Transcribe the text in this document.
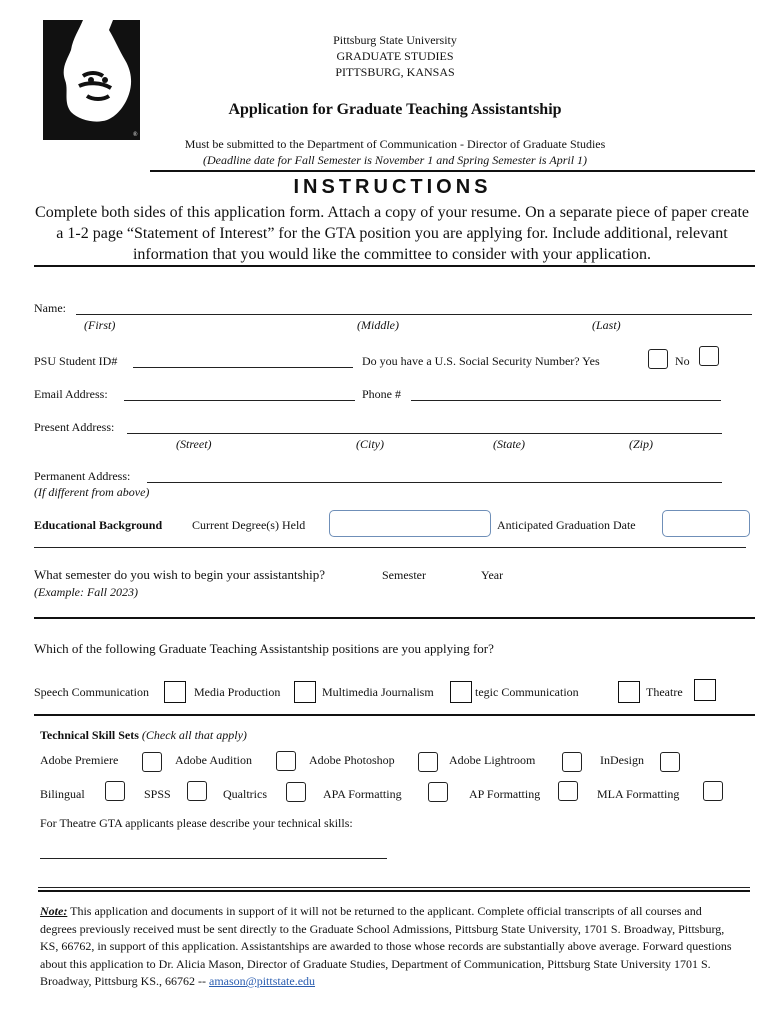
®
Pittsburg State University
GRADUATE STUDIES
PITTSBURG, KANSAS
Application for Graduate Teaching Assistantship
Must be submitted to the Department of Communication - Director of Graduate Studies
(Deadline date for Fall Semester is November 1 and Spring Semester is April 1)
INSTRUCTIONS
Complete both sides of this application form. Attach a copy of your resume. On a separate piece of paper create a 1-2 page “Statement of Interest” for the GTA position you are applying for. Include additional, relevant information that you would like the committee to consider with your application.
Name:
(First)	(Middle)	(Last)
PSU Student ID#	Do you have a U.S. Social Security Number? Yes	No
Email Address:	Phone #
Present Address:
(Street)	(City)	(State)	(Zip)
Permanent Address:
(If different from above)
Educational Background Current Degree(s) Held	Anticipated Graduation Date
What semester do you wish to begin your assistantship?	Semester	Year
(Example: Fall 2023)
Which of the following Graduate Teaching Assistantship positions are you applying for?
Speech Communication	Media Production	Multimedia Journalism	tegic Communication	Theatre
Technical Skill Sets (Check all that apply)
Adobe Premiere	Adobe Audition	Adobe Photoshop	Adobe Lightroom	InDesign
Bilingual	SPSS	Qualtrics	APA Formatting	AP Formatting	MLA Formatting
For Theatre GTA applicants please describe your technical skills:
Note: This application and documents in support of it will not be returned to the applicant. Complete official transcripts of all courses and degrees previously received must be sent directly to the Graduate School Admissions, Pittsburg State University, 1701 S. Broadway, Pittsburg, KS, 66762, in support of this application. Assistantships are awarded to those whose records are substantially above average. Forward questions about this application to Dr. Alicia Mason, Director of Graduate Studies, Department of Communication, Pittsburg State University 1701 S. Broadway, Pittsburg KS., 66762 -- amason@pittstate.edu
